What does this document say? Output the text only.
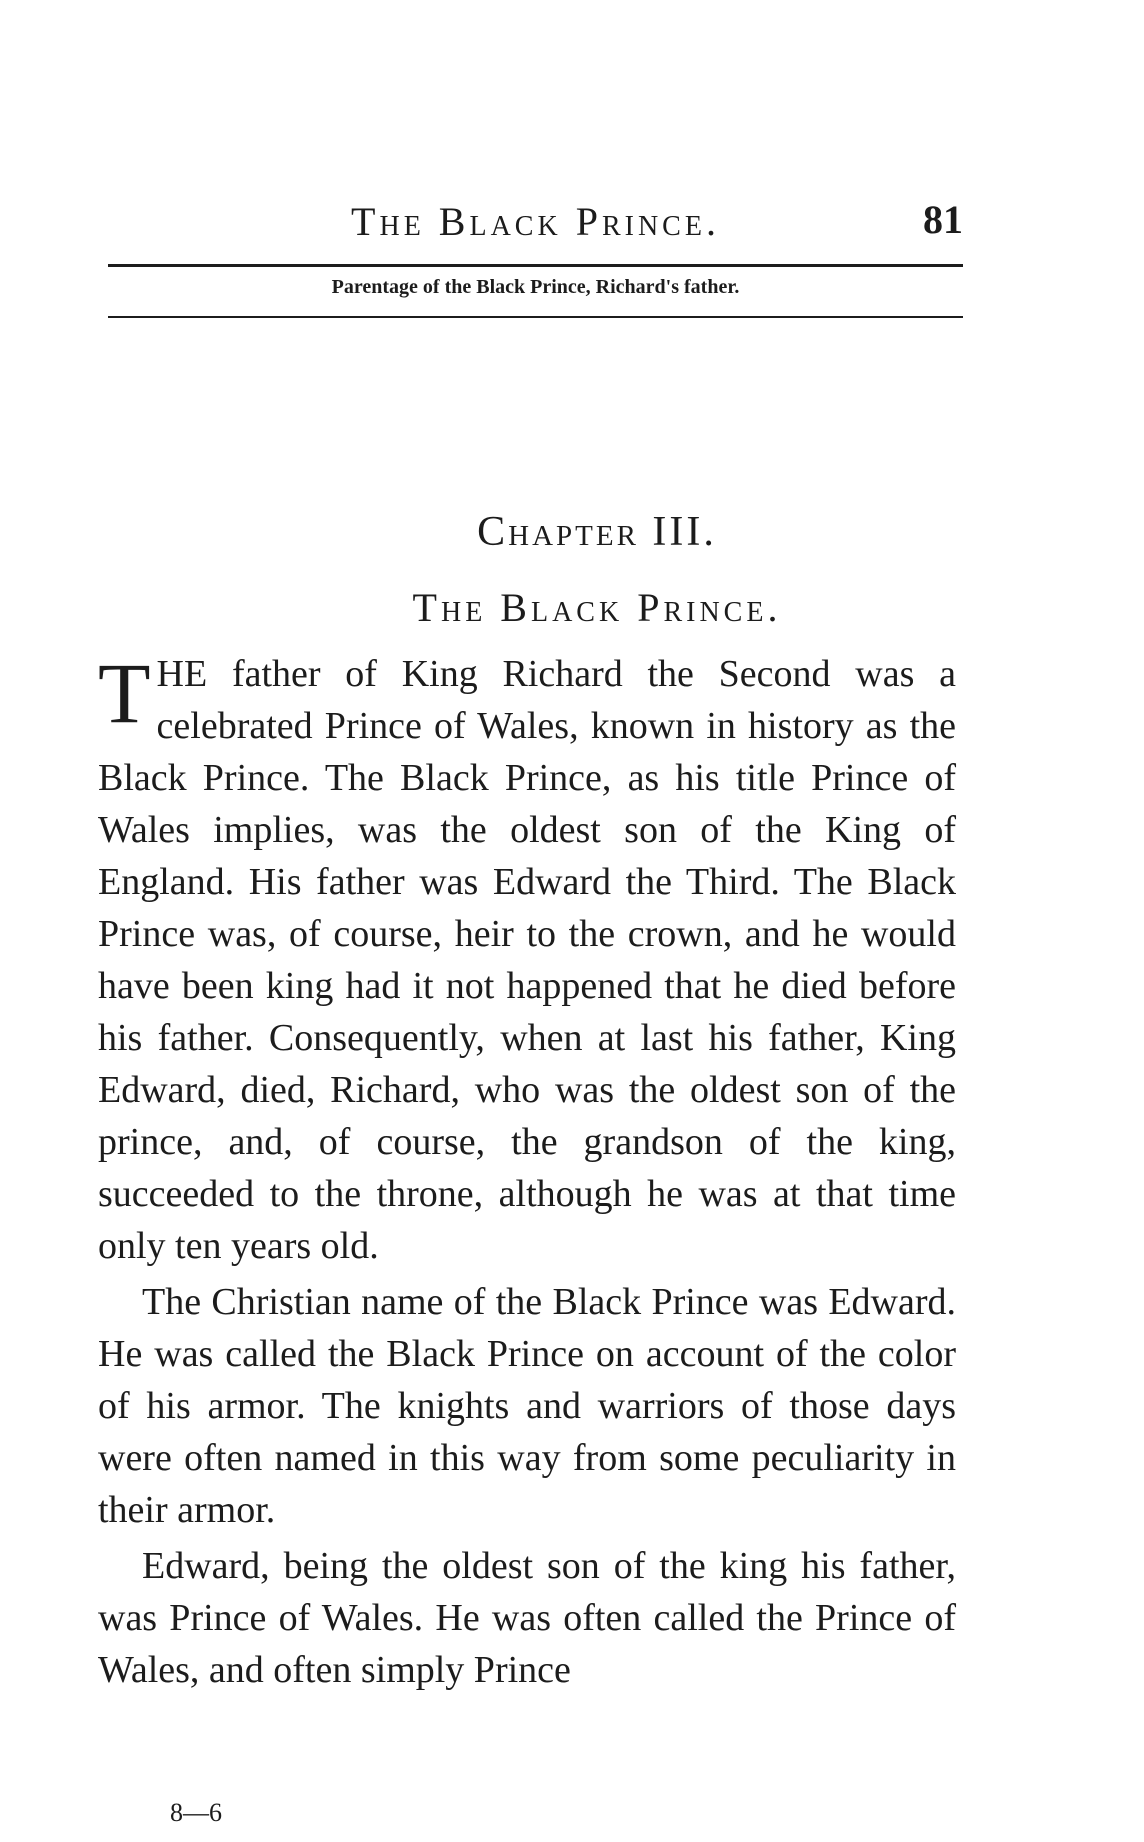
The Black Prince.	81
Parentage of the Black Prince, Richard's father.
Chapter III.
The Black Prince.

THE father of King Richard the Second was a celebrated Prince of Wales, known in history as the Black Prince. The Black Prince, as his title Prince of Wales implies, was the oldest son of the King of England. His father was Edward the Third. The Black Prince was, of course, heir to the crown, and he would have been king had it not happened that he died before his father. Consequently, when at last his father, King Edward, died, Richard, who was the oldest son of the prince, and, of course, the grandson of the king, succeeded to the throne, although he was at that time only ten years old.

The Christian name of the Black Prince was Edward. He was called the Black Prince on account of the color of his armor. The knights and warriors of those days were often named in this way from some peculiarity in their armor.

Edward, being the oldest son of the king his father, was Prince of Wales. He was often called the Prince of Wales, and often simply Prince

8—6
